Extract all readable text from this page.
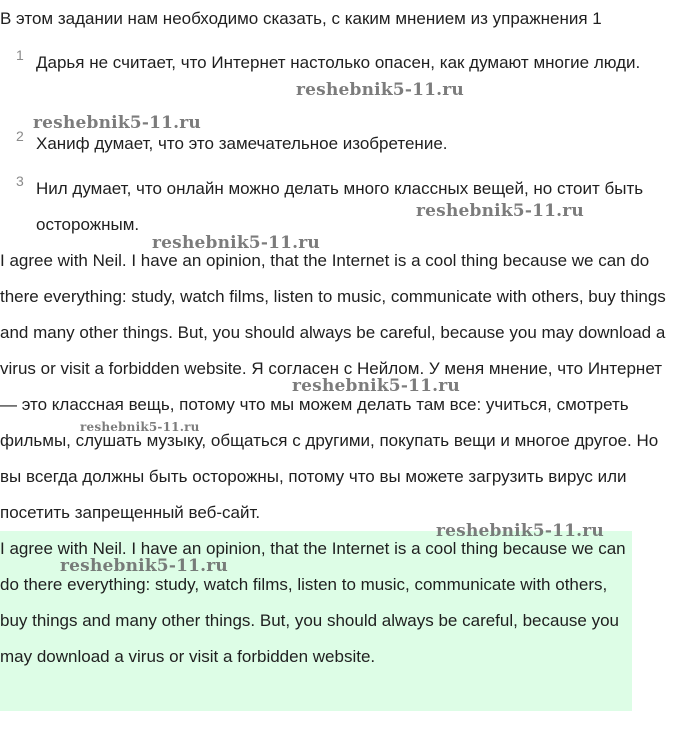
В этом задании нам необходимо сказать, с каким мнением из упражнения 1
1 Дарья не считает, что Интернет настолько опасен, как думают многие люди.
2 Ханиф думает, что это замечательное изобретение.
3 Нил думает, что онлайн можно делать много классных вещей, но стоит быть осторожным.
I agree with Neil. I have an opinion, that the Internet is a cool thing because we can do there everything: study, watch films, listen to music, communicate with others, buy things and many other things. But, you should always be careful, because you may download a virus or visit a forbidden website. Я согласен с Нейлом. У меня мнение, что Интернет — это классная вещь, потому что мы можем делать там все: учиться, смотреть фильмы, слушать музыку, общаться с другими, покупать вещи и многое другое. Но вы всегда должны быть осторожны, потому что вы можете загрузить вирус или посетить запрещенный веб-сайт.
I agree with Neil. I have an opinion, that the Internet is a cool thing because we can do there everything: study, watch films, listen to music, communicate with others, buy things and many other things. But, you should always be careful, because you may download a virus or visit a forbidden website.
reshebnik5-11.ru
reshebnik5-11.ru
reshebnik5-11.ru
reshebnik5-11.ru
reshebnik5-11.ru
reshebnik5-11.ru
reshebnik5-11.ru
reshebnik5-11.ru
